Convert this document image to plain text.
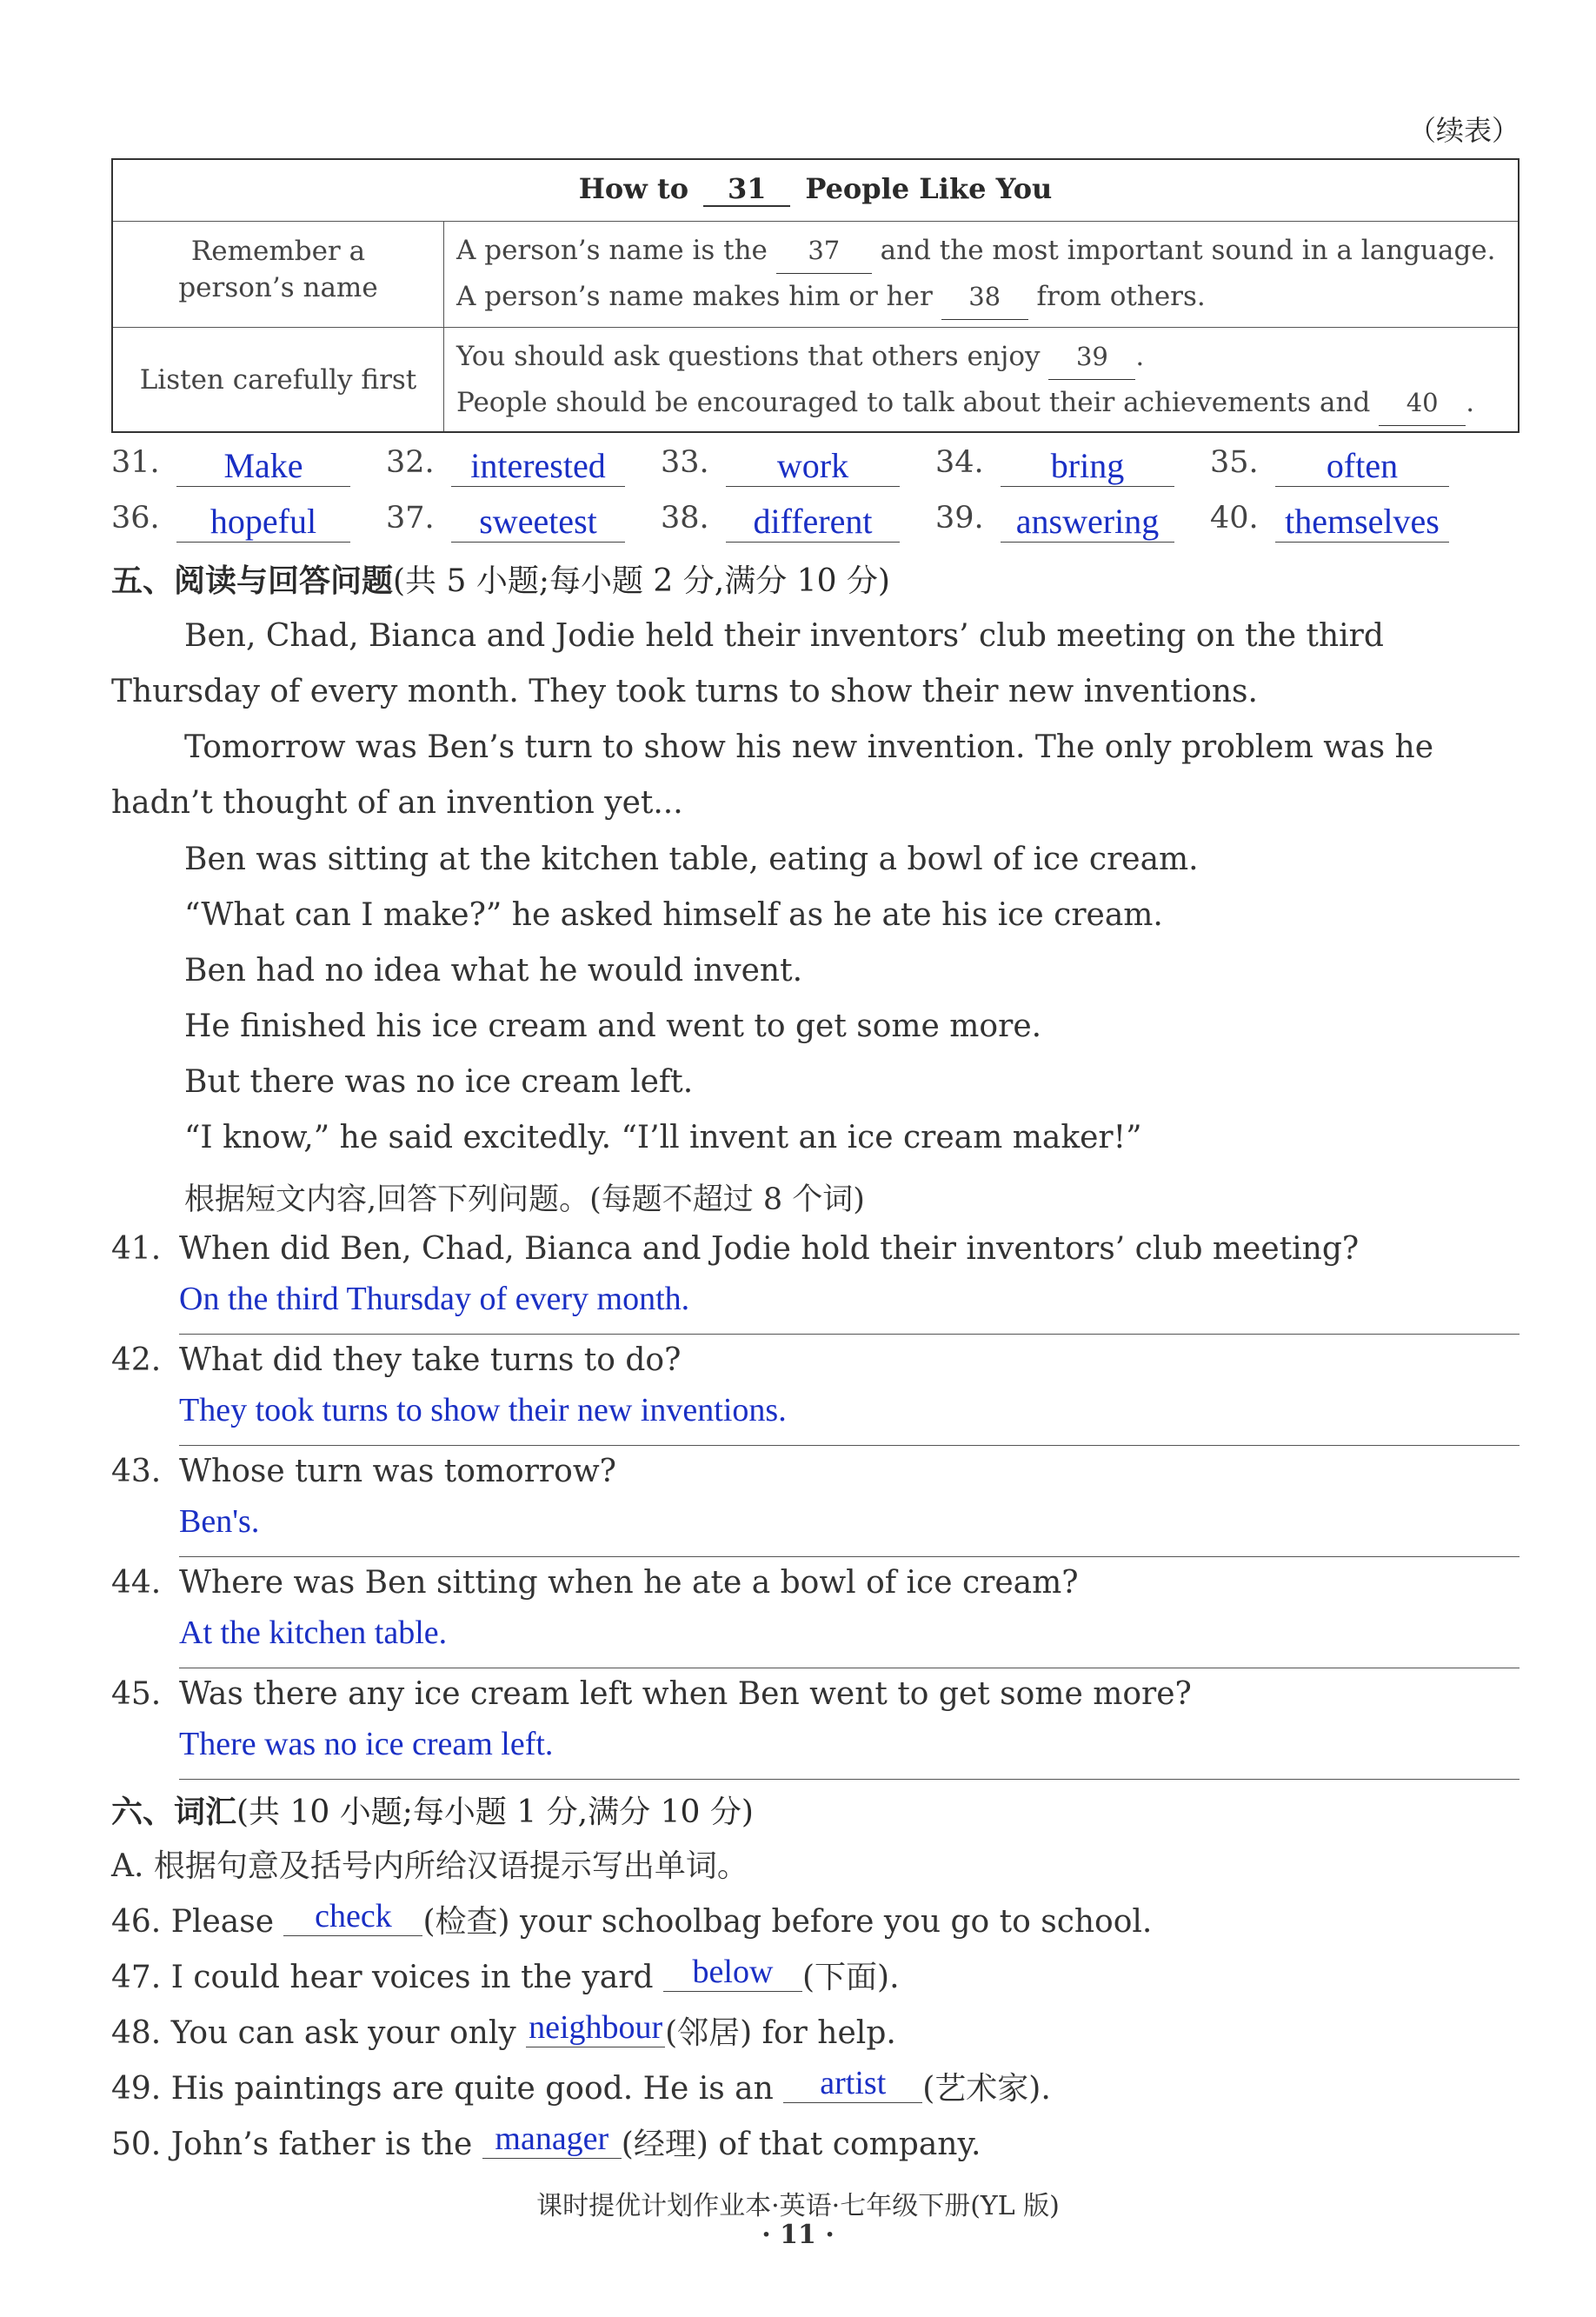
（续表）
How to 31 People Like You
Remember a
person’s name
A person’s name is the 37 and the most important sound in a language.
A person’s name makes him or her 38 from others.
Listen carefully first
You should ask questions that others enjoy 39 .
People should be encouraged to talk about their achievements and 40 .
31.	Make	32.	interested	33.	work	34.	bring	35.	often
36.	hopeful	37.	sweetest	38.	different	39. answering	40. themselves
五、阅读与回答问题(共 5 小题;每小题 2 分,满分 10 分)
Ben, Chad, Bianca and Jodie held their inventors’ club meeting on the third Thursday of every month. They took turns to show their new inventions.
Tomorrow was Ben’s turn to show his new invention. The only problem was he hadn’t thought of an invention yet...
Ben was sitting at the kitchen table, eating a bowl of ice cream.
“What can I make?” he asked himself as he ate his ice cream.
Ben had no idea what he would invent.
He finished his ice cream and went to get some more.
But there was no ice cream left.
“I know,” he said excitedly. “I’ll invent an ice cream maker!”
根据短文内容,回答下列问题。(每题不超过 8 个词)
41. When did Ben, Chad, Bianca and Jodie hold their inventors’ club meeting?
On the third Thursday of every month.
42. What did they take turns to do?
They took turns to show their new inventions.
43. Whose turn was tomorrow?
Ben's.
44. Where was Ben sitting when he ate a bowl of ice cream?
At the kitchen table.
45. Was there any ice cream left when Ben went to get some more?
There was no ice cream left.
六、词汇(共 10 小题;每小题 1 分,满分 10 分)
A. 根据句意及括号内所给汉语提示写出单词。
46. Please check (检查) your schoolbag before you go to school.
47. I could hear voices in the yard below (下面).
48. You can ask your only neighbour(邻居) for help.
49. His paintings are quite good. He is an artist (艺术家).
50. John’s father is the manager (经理) of that company.
课时提优计划作业本·英语·七年级下册(YL 版)
· 11 ·
